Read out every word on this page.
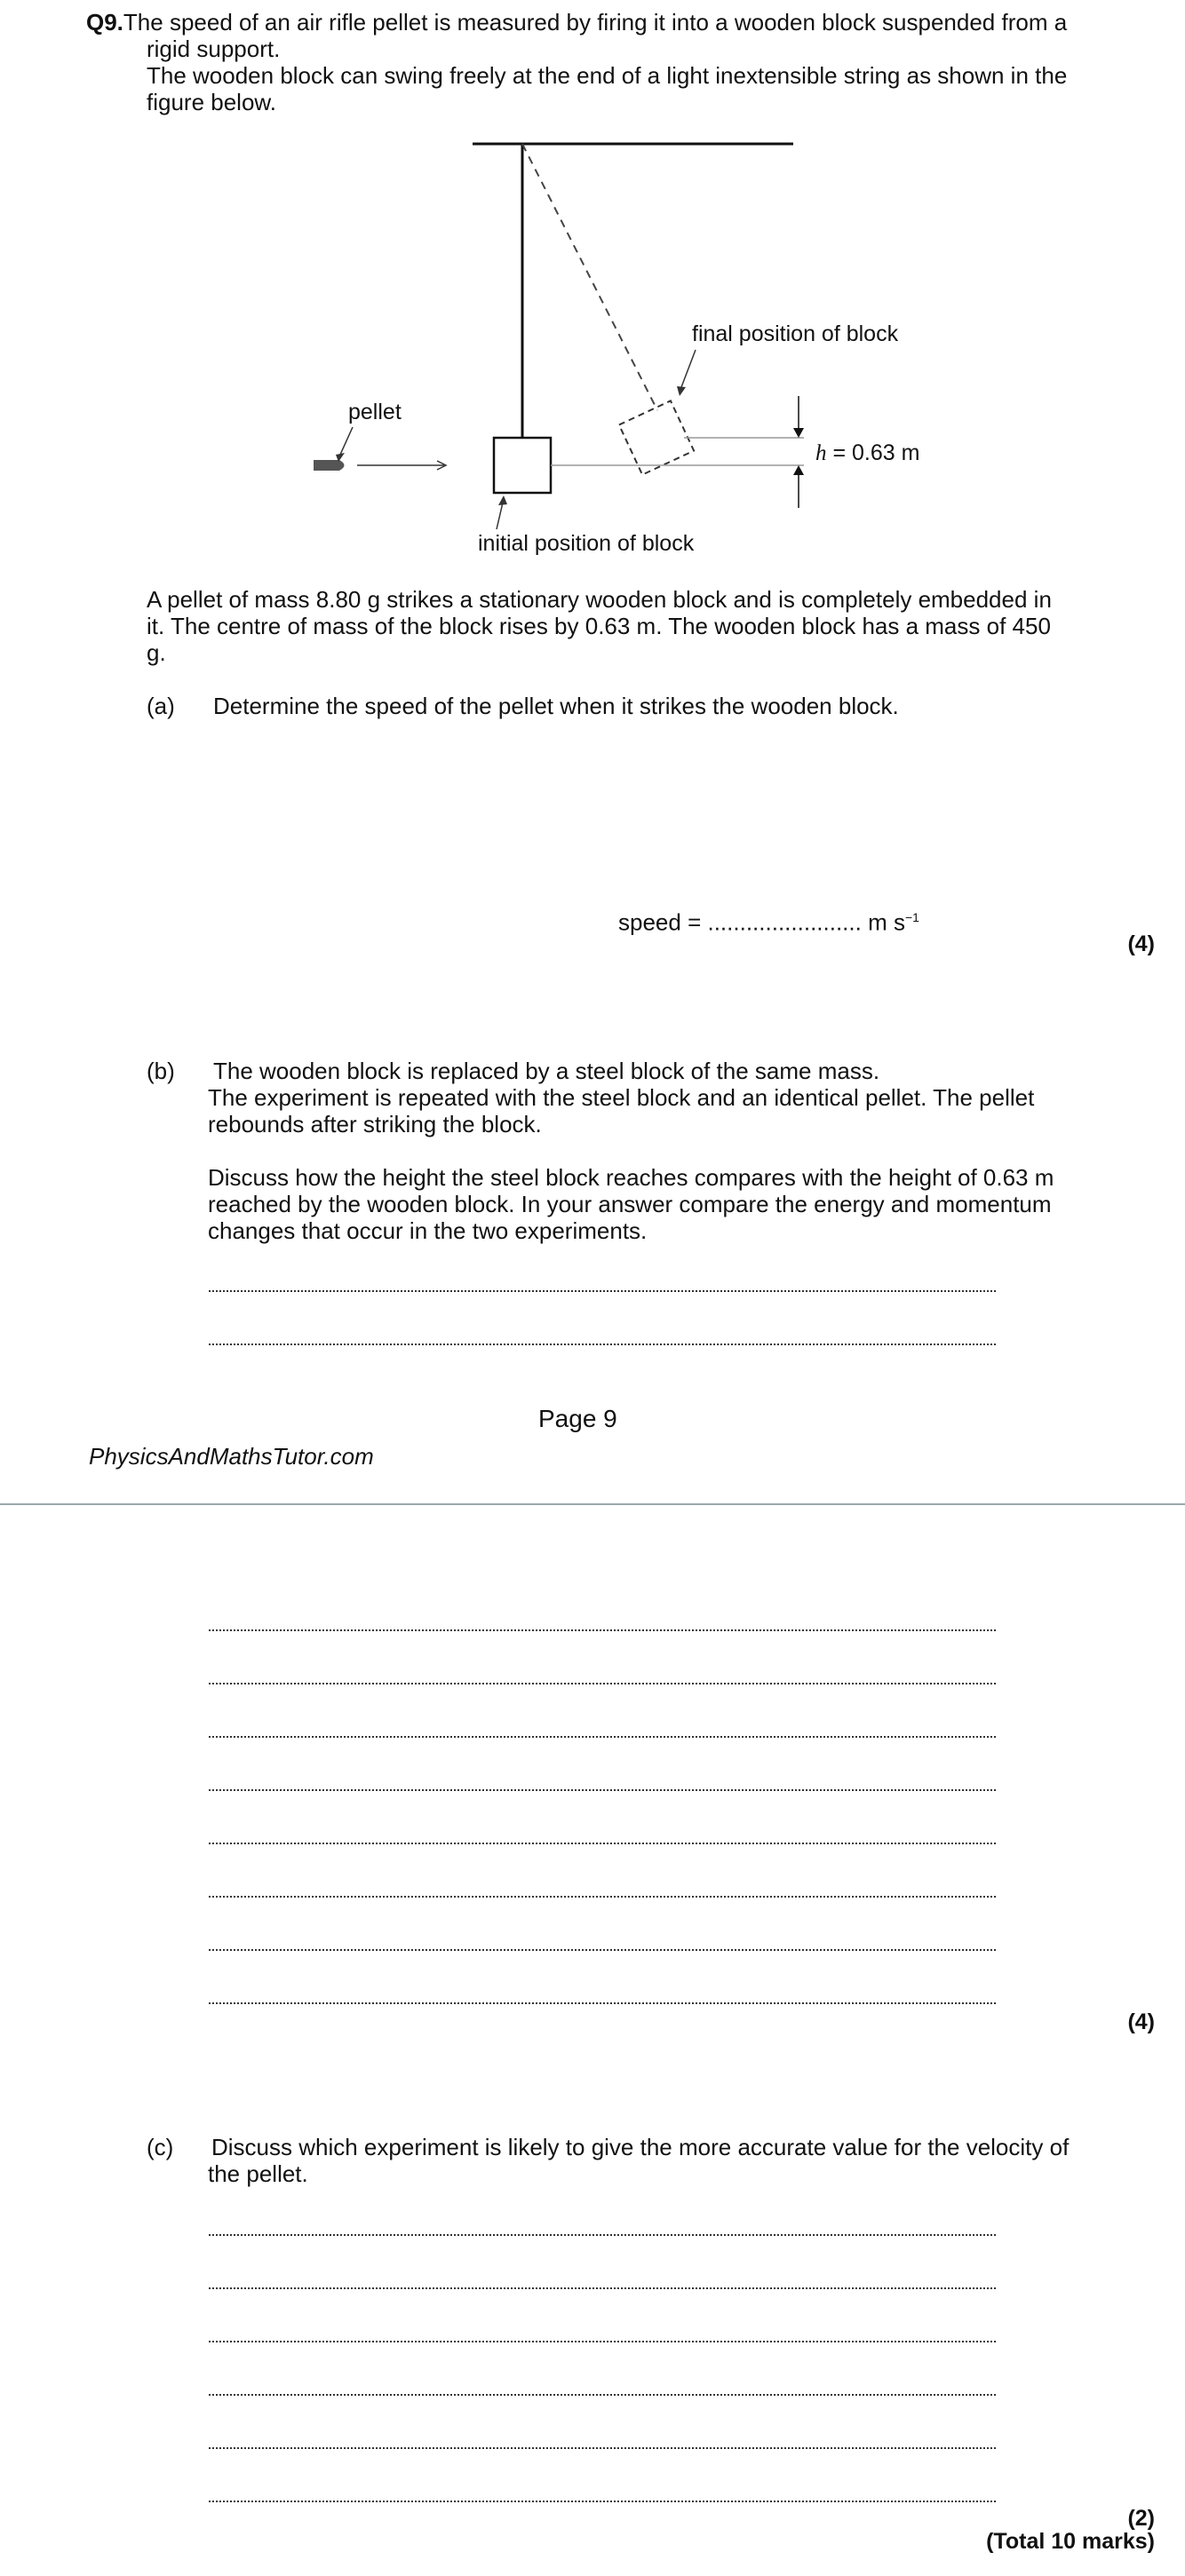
Q9.The speed of an air rifle pellet is measured by firing it into a wooden block suspended from a
rigid support.
The wooden block can swing freely at the end of a light inextensible string as shown in the
figure below.
final position of block
pellet
h = 0.63 m
initial position of block
A pellet of mass 8.80 g strikes a stationary wooden block and is completely embedded in
it. The centre of mass of the block rises by 0.63 m. The wooden block has a mass of 450
g.
(a) Determine the speed of the pellet when it strikes the wooden block.
speed = ........................ m $s^{-1}$
(4)
(b) The wooden block is replaced by a steel block of the same mass.
The experiment is repeated with the steel block and an identical pellet. The pellet
rebounds after striking the block.
Discuss how the height the steel block reaches compares with the height of 0.63 m
reached by the wooden block. In your answer compare the energy and momentum
changes that occur in the two experiments.
Page 9
PhysicsAndMathsTutor.com
(4)
(c) Discuss which experiment is likely to give the more accurate value for the velocity of
the pellet.
(2)
(Total 10 marks)
